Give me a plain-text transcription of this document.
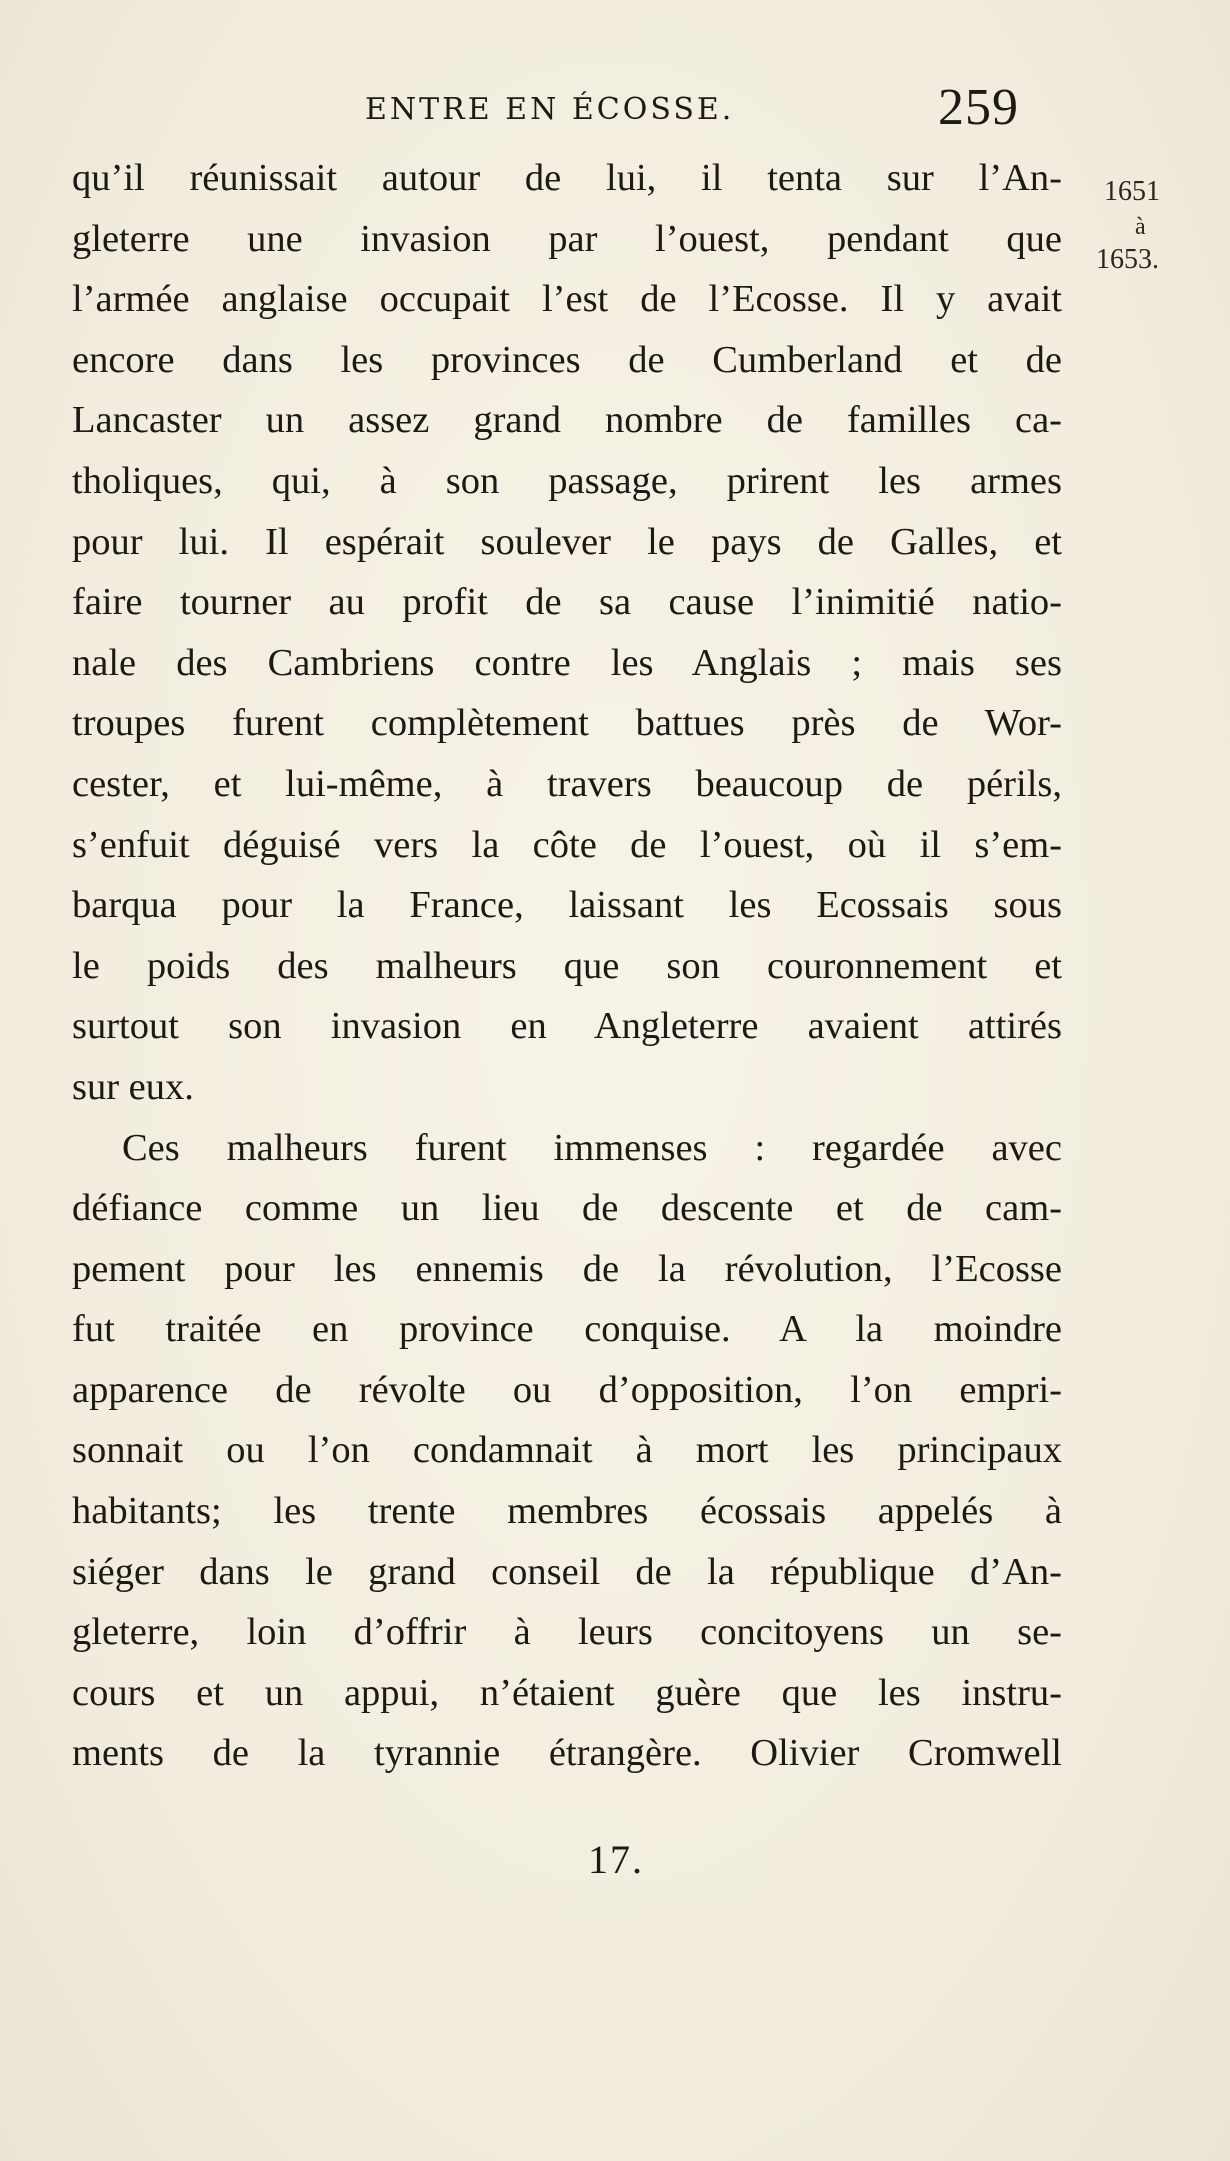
ENTRE EN ÉCOSSE.	259
1651
à
1653.
qu’il réunissait autour de lui, il tenta sur l’An-
gleterre une invasion par l’ouest, pendant que
l’armée anglaise occupait l’est de l’Ecosse. Il y avait
encore dans les provinces de Cumberland et de
Lancaster un assez grand nombre de familles ca-
tholiques, qui, à son passage, prirent les armes
pour lui. Il espérait soulever le pays de Galles, et
faire tourner au profit de sa cause l’inimitié natio-
nale des Cambriens contre les Anglais ; mais ses
troupes furent complètement battues près de Wor-
cester, et lui-même, à travers beaucoup de périls,
s’enfuit déguisé vers la côte de l’ouest, où il s’em-
barqua pour la France, laissant les Ecossais sous
le poids des malheurs que son couronnement et
surtout son invasion en Angleterre avaient attirés
sur eux.
Ces malheurs furent immenses : regardée avec
défiance comme un lieu de descente et de cam-
pement pour les ennemis de la révolution, l’Ecosse
fut traitée en province conquise. A la moindre
apparence de révolte ou d’opposition, l’on empri-
sonnait ou l’on condamnait à mort les principaux
habitants; les trente membres écossais appelés à
siéger dans le grand conseil de la république d’An-
gleterre, loin d’offrir à leurs concitoyens un se-
cours et un appui, n’étaient guère que les instru-
ments de la tyrannie étrangère. Olivier Cromwell
17.
